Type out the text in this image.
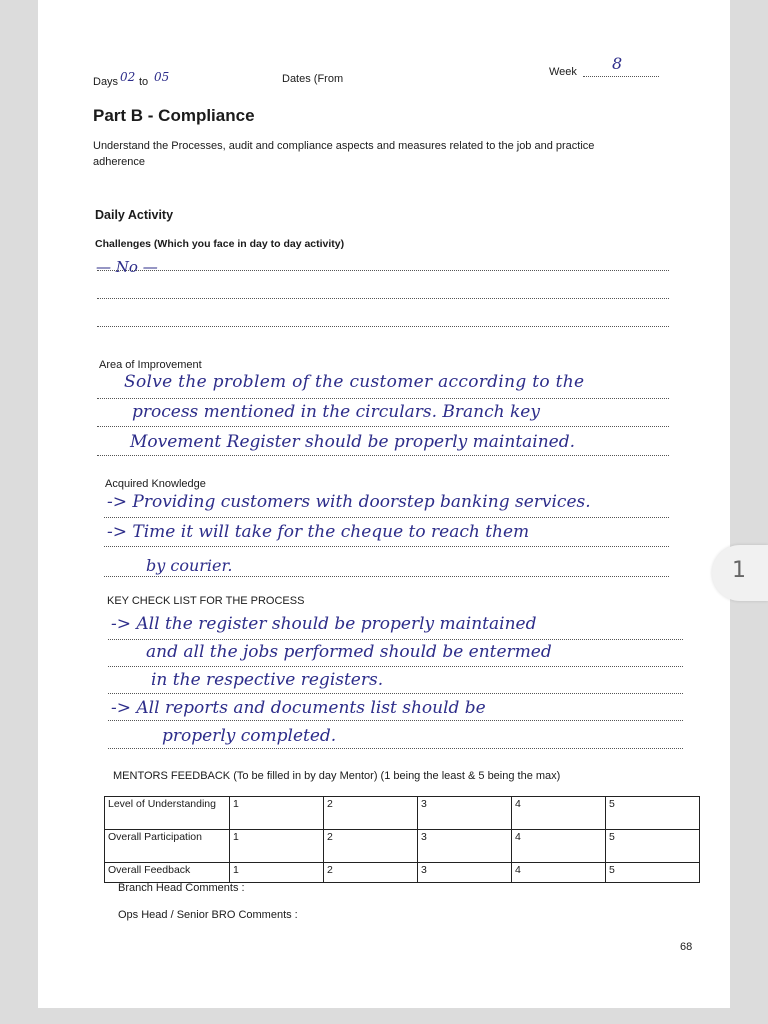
Days 02 to 05	Dates (From
Week 8
Part B - Compliance
Understand the Processes, audit and compliance aspects and measures related to the job and practice adherence
Daily Activity
Challenges (Which you face in day to day activity)
— No —
Area of Improvement
Solve the problem of the customer according to the
process mentioned in the circulars. Branch key
Movement Register should be properly maintained.
Acquired Knowledge
-> Providing customers with doorstep banking services.
-> Time it will take for the cheque to reach them
by courier.
KEY CHECK LIST FOR THE PROCESS
-> All the register should be properly maintained
and all the jobs performed should be entermed
in the respective registers.
-> All reports and documents list should be
properly completed.
MENTORS FEEDBACK (To be filled in by day Mentor) (1 being the least & 5 being the max)
Level of Understanding	1	2	3	4	5
Overall Participation	1	2	3	4	5
Overall Feedback	1	2	3	4	5
Branch Head Comments :
Ops Head / Senior BRO Comments :
68
1
